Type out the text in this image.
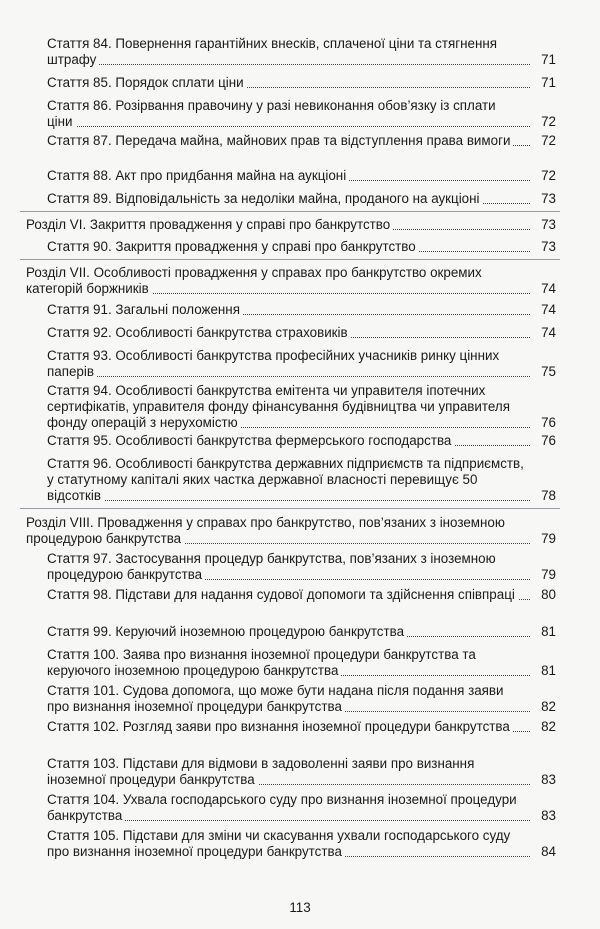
Стаття 84. Повернення гарантійних внесків, сплаченої ціни та стягнення штрафу	71
Стаття 85. Порядок сплати ціни	71
Стаття 86. Розірвання правочину у разі невиконання обов’язку із сплати ціни	72
Стаття 87. Передача майна, майнових прав та відступлення права вимоги	72
Стаття 88. Акт про придбання майна на аукціоні	72
Стаття 89. Відповідальність за недоліки майна, проданого на аукціоні	73
Розділ VI. Закриття провадження у справі про банкрутство	73
Стаття 90. Закриття провадження у справі про банкрутство	73
Розділ VII. Особливості провадження у справах про банкрутство окремих категорій боржників	74
Стаття 91. Загальні положення	74
Стаття 92. Особливості банкрутства страховиків	74
Стаття 93. Особливості банкрутства професійних учасників ринку цінних паперів	75
Стаття 94. Особливості банкрутства емітента чи управителя іпотечних сертифікатів, управителя фонду фінансування будівництва чи управителя фонду операцій з нерухомістю	76
Стаття 95. Особливості банкрутства фермерського господарства	76
Стаття 96. Особливості банкрутства державних підприємств та підприємств, у статутному капіталі яких частка державної власності перевищує 50 відсотків	78
Розділ VIII. Провадження у справах про банкрутство, пов’язаних з іноземною процедурою банкрутства	79
Стаття 97. Застосування процедур банкрутства, пов’язаних з іноземною процедурою банкрутства	79
Стаття 98. Підстави для надання судової допомоги та здійснення співпраці	80
Стаття 99. Керуючий іноземною процедурою банкрутства	81
Стаття 100. Заява про визнання іноземної процедури банкрутства та керуючого іноземною процедурою банкрутства	81
Стаття 101. Судова допомога, що може бути надана після подання заяви про визнання іноземної процедури банкрутства	82
Стаття 102. Розгляд заяви про визнання іноземної процедури банкрутства	82
Стаття 103. Підстави для відмови в задоволенні заяви про визнання іноземної процедури банкрутства	83
Стаття 104. Ухвала господарського суду про визнання іноземної процедури банкрутства	83
Стаття 105. Підстави для зміни чи скасування ухвали господарського суду про визнання іноземної процедури банкрутства	84
113
